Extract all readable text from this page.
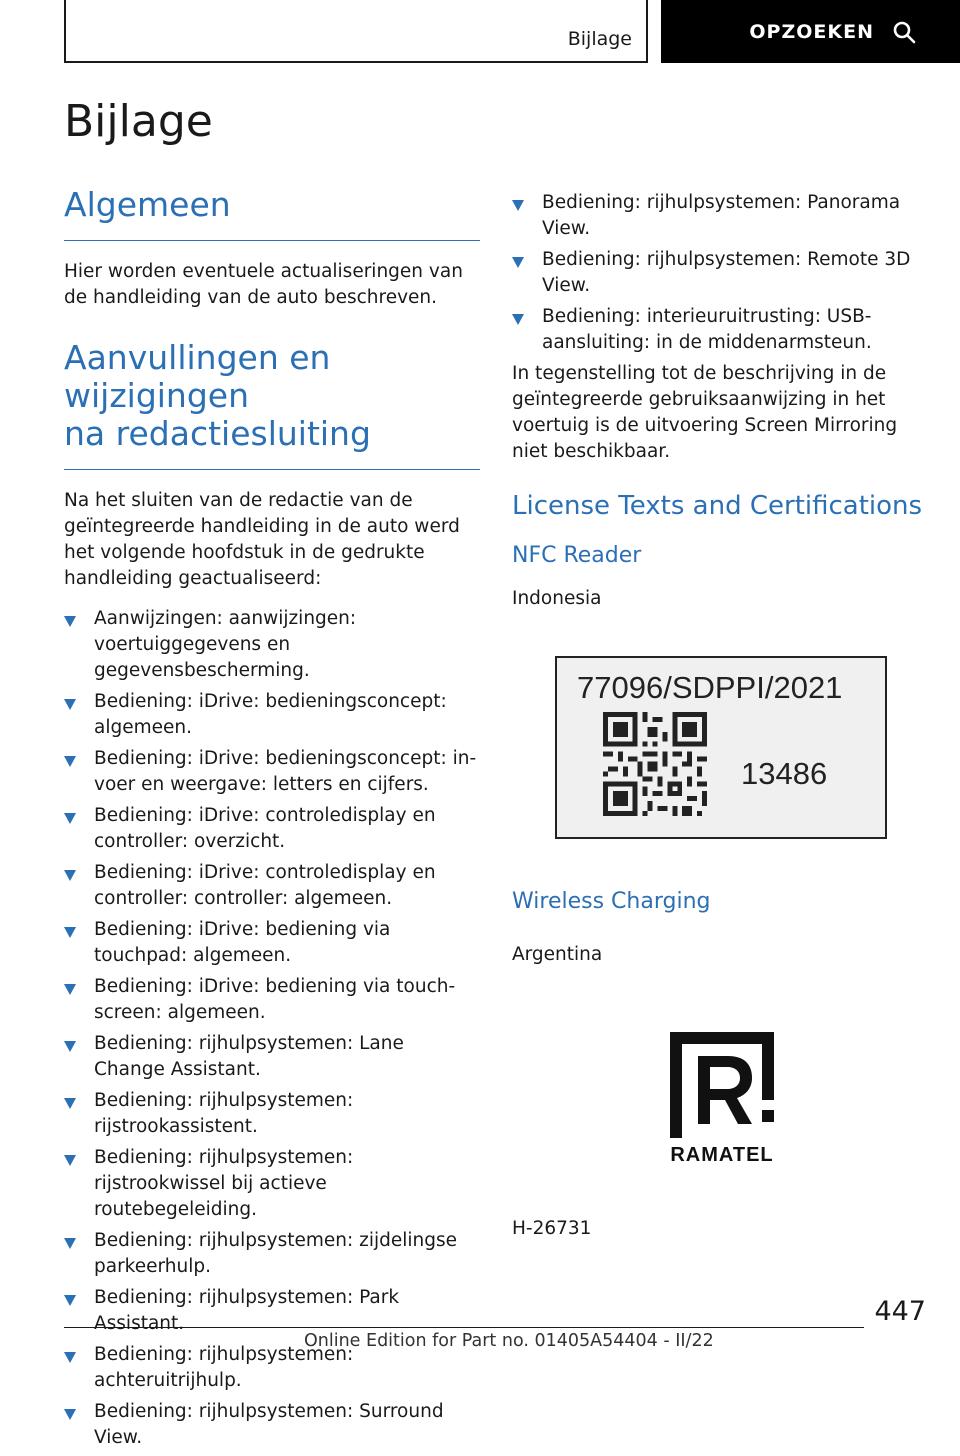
Bijlage	OPZOEKEN
Bijlage
Algemeen

Hier worden eventuele actualiseringen van de handleiding van de auto beschreven.

Aanvullingen en wijzigingen
na redactiesluiting

Na het sluiten van de redactie van de geïntegreerde handleiding in de auto werd het volgende hoofdstuk in de gedrukte handleiding geactualiseerd:

Aanwijzingen: aanwijzingen: voertuiggegevens en gegevensbescherming.
Bediening: iDrive: bedieningsconcept: algemeen.
Bediening: iDrive: bedieningsconcept: invoer en weergave: letters en cijfers.
Bediening: iDrive: controledisplay en controller: overzicht.
Bediening: iDrive: controledisplay en controller: controller: algemeen.
Bediening: iDrive: bediening via touchpad: algemeen.
Bediening: iDrive: bediening via touchscreen: algemeen.
Bediening: rijhulpsystemen: Lane Change Assistant.
Bediening: rijhulpsystemen: rijstrookassistent.
Bediening: rijhulpsystemen: rijstrookwissel bij actieve routebegeleiding.
Bediening: rijhulpsystemen: zijdelingse parkeerhulp.
Bediening: rijhulpsystemen: Park Assistant.
Bediening: rijhulpsystemen: achteruitrijhulp.
Bediening: rijhulpsystemen: Surround View.
Bediening: rijhulpsystemen: Panorama View.
Bediening: rijhulpsystemen: Remote 3D View.
Bediening: interieuruitrusting: USB-aansluiting: in de middenarmsteun.

In tegenstelling tot de beschrijving in de geïntegreerde gebruiksaanwijzing in het voertuig is de uitvoering Screen Mirroring niet beschikbaar.

License Texts and Certifications
NFC Reader
Indonesia
77096/SDPPI/2021
13486
Wireless Charging
Argentina
RAMATEL
H-26731
447
Online Edition for Part no. 01405A54404 - II/22
